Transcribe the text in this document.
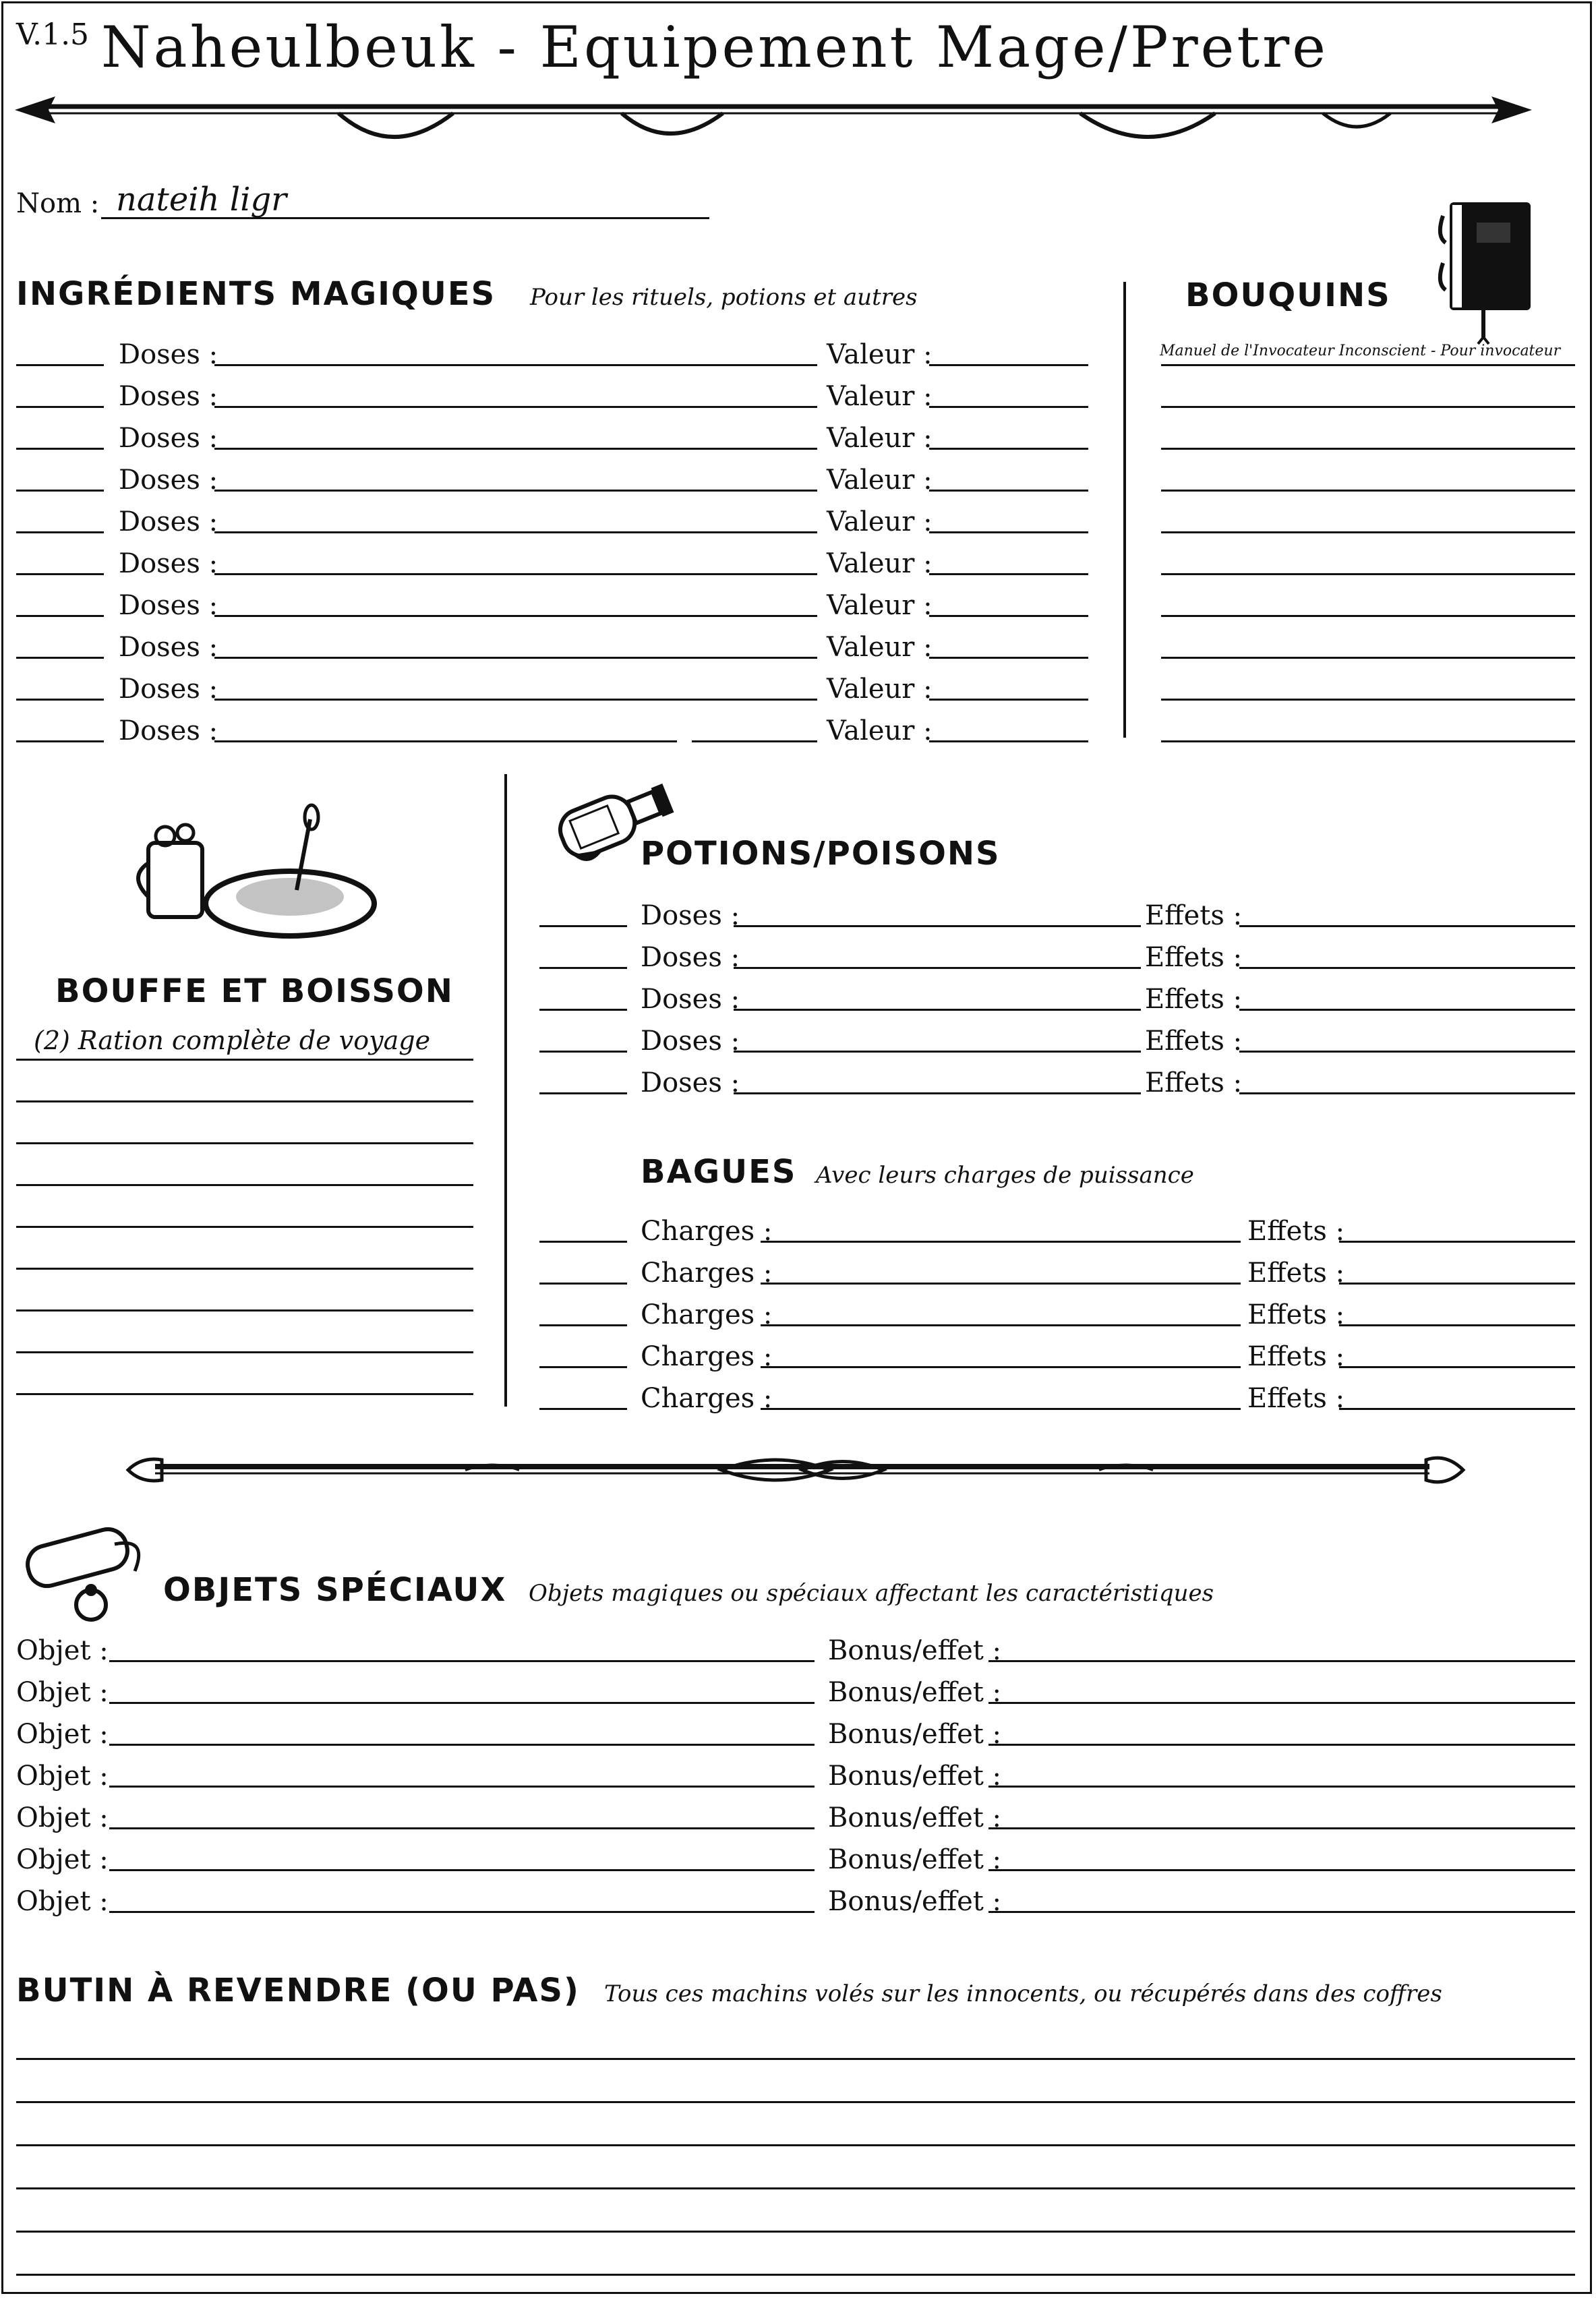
V.1.5 Naheulbeuk - Equipement Mage/Pretre
Nom : nateih ligr
INGRÉDIENTS MAGIQUES Pour les rituels, potions et autres
Doses :	Valeur :
Doses :	Valeur :
Doses :	Valeur :
Doses :	Valeur :
Doses :	Valeur :
Doses :	Valeur :
Doses :	Valeur :
Doses :	Valeur :
Doses :	Valeur :
Doses :	Valeur :
BOUQUINS
Manuel de l'Invocateur Inconscient - Pour invocateur
BOUFFE ET BOISSON
(2) Ration complète de voyage
POTIONS/POISONS
Doses :	Effets :
Doses :	Effets :
Doses :	Effets :
Doses :	Effets :
Doses :	Effets :
BAGUES Avec leurs charges de puissance
Charges :	Effets :
Charges :	Effets :
Charges :	Effets :
Charges :	Effets :
Charges :	Effets :
OBJETS SPÉCIAUX Objets magiques ou spéciaux affectant les caractéristiques
Objet :	Bonus/effet :
Objet :	Bonus/effet :
Objet :	Bonus/effet :
Objet :	Bonus/effet :
Objet :	Bonus/effet :
Objet :	Bonus/effet :
Objet :	Bonus/effet :
BUTIN À REVENDRE (OU PAS) Tous ces machins volés sur les innocents, ou récupérés dans des coffres
